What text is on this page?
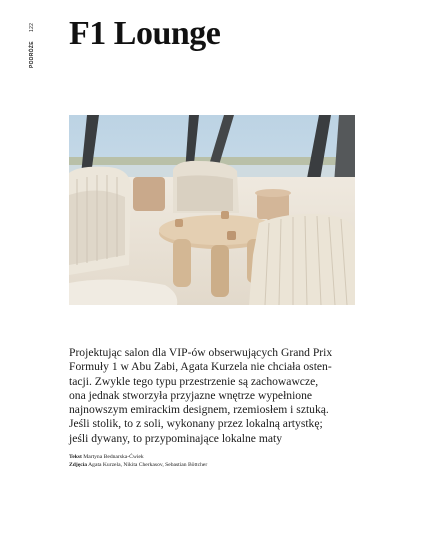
PODRÓŻE
122 F1 Lounge

Projektując salon dla VIP-ów obserwujących Grand Prix
Formuły 1 w Abu Zabi, Agata Kurzela nie chciała osten-
tacji. Zwykle tego typu przestrzenie są zachowawcze,
ona jednak stworzyła przyjazne wnętrze wypełnione
najnowszym emirackim designem, rzemiosłem i sztuką.
Jeśli stolik, to z soli, wykonany przez lokalną artystkę;
jeśli dywany, to przypominające lokalne maty

Tekst Martyna Bednarska-Ćwiek
Zdjęcia Agata Kurzela, Nikita Cherkasov, Sebastian Böttcher
